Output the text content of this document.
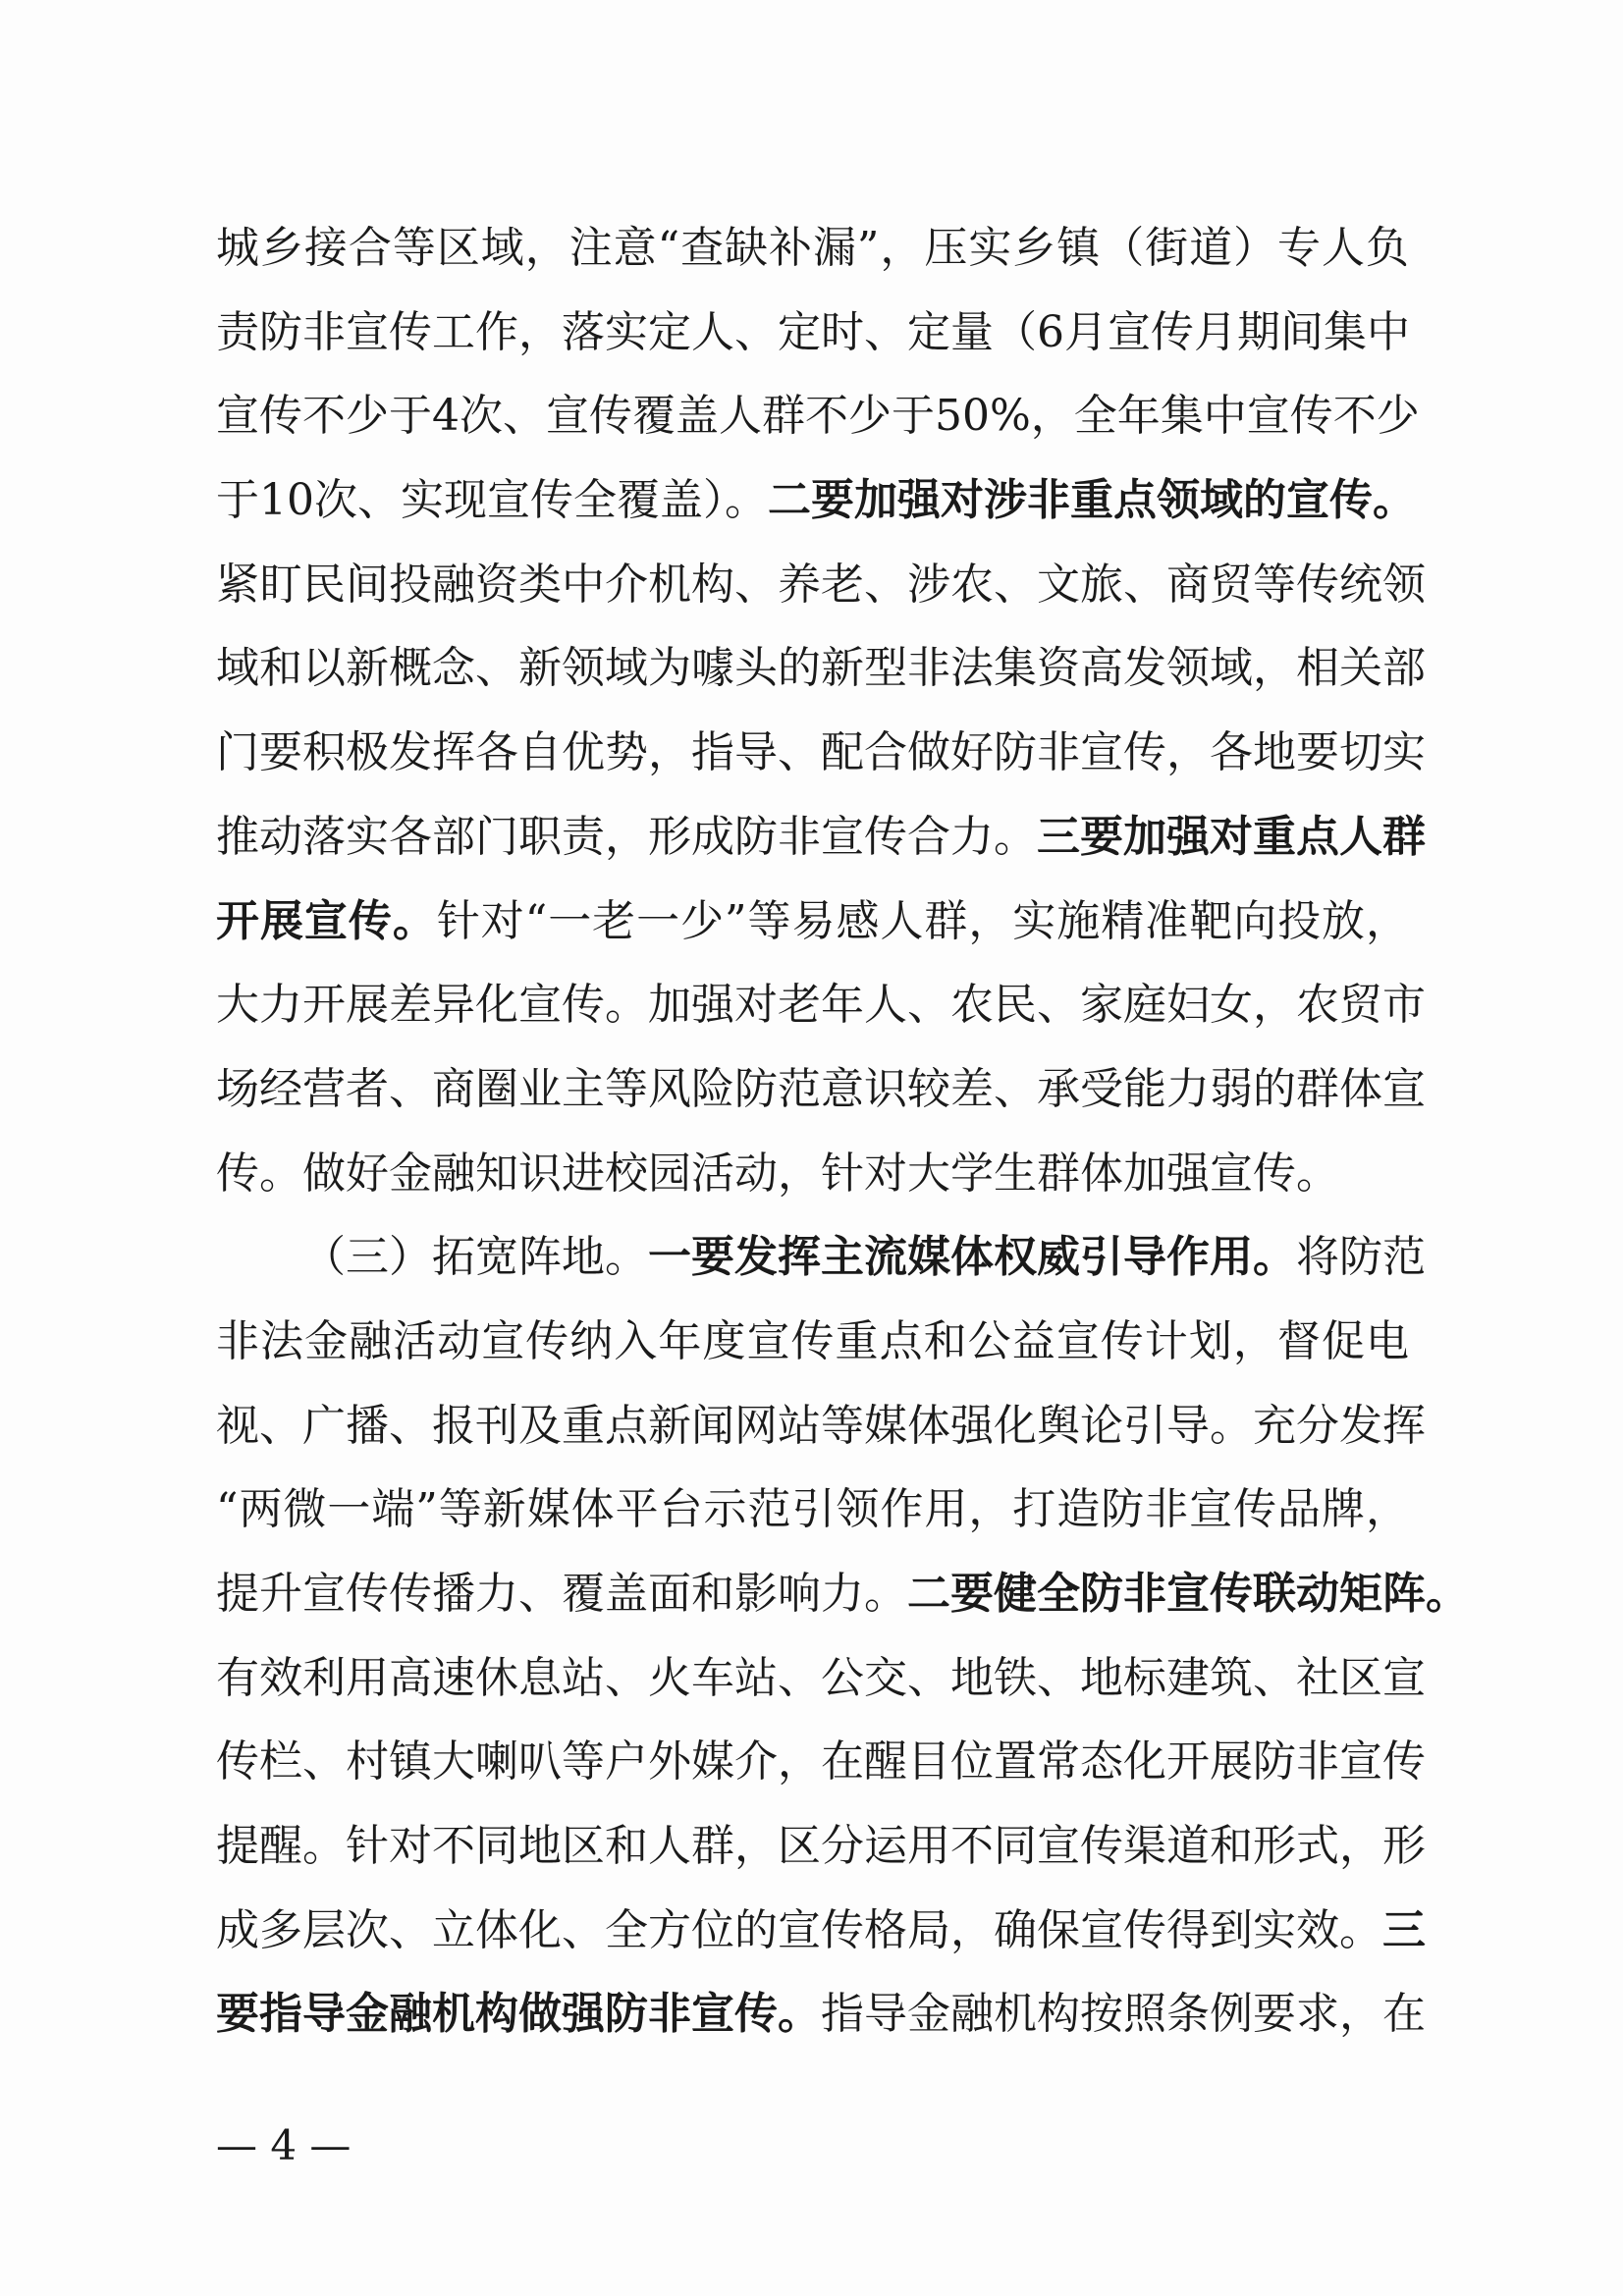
城乡接合等区域，注意“查缺补漏”，压实乡镇（街道）专人负
责防非宣传工作，落实定人、定时、定量（6月宣传月期间集中
宣传不少于4次、宣传覆盖人群不少于50%，全年集中宣传不少
于10次、实现宣传全覆盖）。二要加强对涉非重点领域的宣传。
紧盯民间投融资类中介机构、养老、涉农、文旅、商贸等传统领
域和以新概念、新领域为噱头的新型非法集资高发领域，相关部
门要积极发挥各自优势，指导、配合做好防非宣传，各地要切实
推动落实各部门职责，形成防非宣传合力。三要加强对重点人群
开展宣传。针对“一老一少”等易感人群，实施精准靶向投放，
大力开展差异化宣传。加强对老年人、农民、家庭妇女，农贸市
场经营者、商圈业主等风险防范意识较差、承受能力弱的群体宣
传。做好金融知识进校园活动，针对大学生群体加强宣传。
（三）拓宽阵地。一要发挥主流媒体权威引导作用。将防范
非法金融活动宣传纳入年度宣传重点和公益宣传计划，督促电
视、广播、报刊及重点新闻网站等媒体强化舆论引导。充分发挥
“两微一端”等新媒体平台示范引领作用，打造防非宣传品牌，
提升宣传传播力、覆盖面和影响力。二要健全防非宣传联动矩阵。
有效利用高速休息站、火车站、公交、地铁、地标建筑、社区宣
传栏、村镇大喇叭等户外媒介，在醒目位置常态化开展防非宣传
提醒。针对不同地区和人群，区分运用不同宣传渠道和形式，形
成多层次、立体化、全方位的宣传格局，确保宣传得到实效。三
要指导金融机构做强防非宣传。指导金融机构按照条例要求，在
— 4 —
